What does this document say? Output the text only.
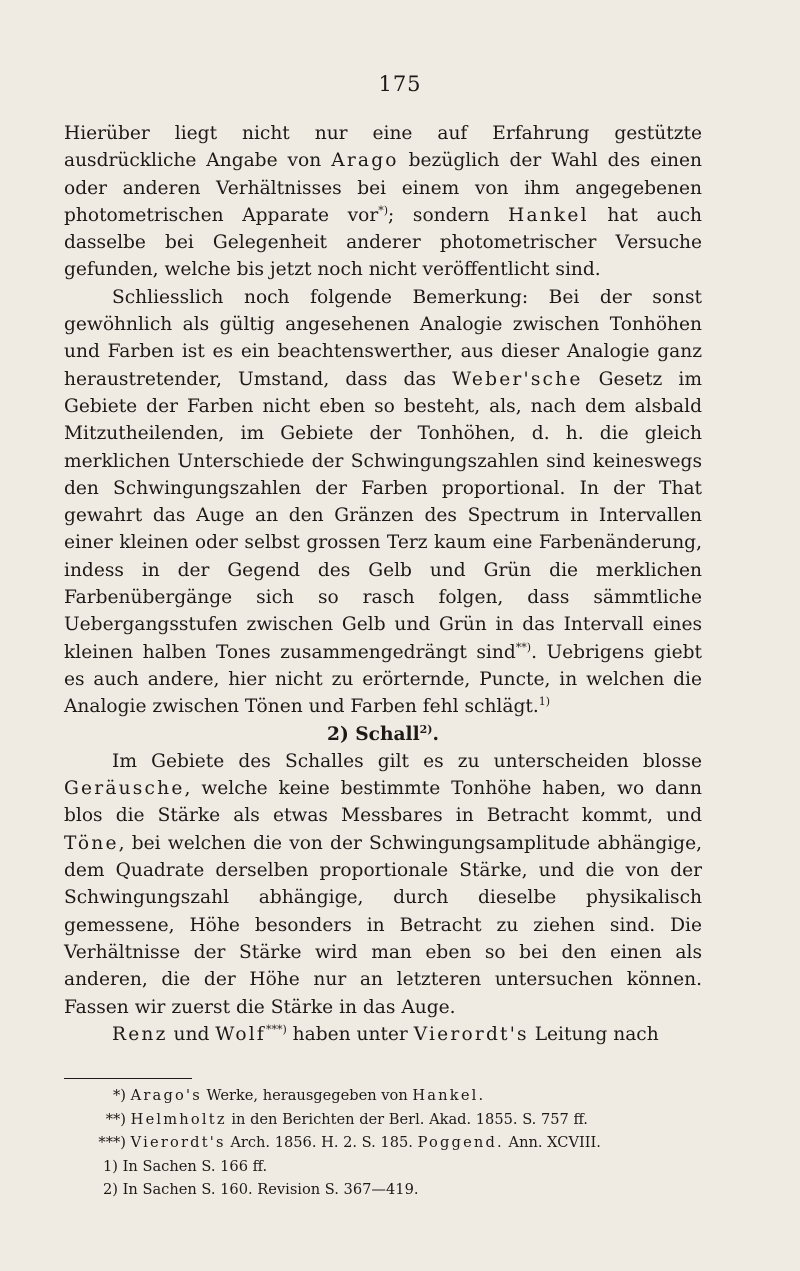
175

Hierüber liegt nicht nur eine auf Erfahrung gestützte ausdrückliche Angabe von Arago bezüglich der Wahl des einen oder anderen Verhältnisses bei einem von ihm angegebenen photometrischen Apparate vor*); sondern Hankel hat auch dasselbe bei Gelegenheit anderer photometrischer Versuche gefunden, welche bis jetzt noch nicht veröffentlicht sind.

Schliesslich noch folgende Bemerkung: Bei der sonst gewöhnlich als gültig angesehenen Analogie zwischen Tonhöhen und Farben ist es ein beachtenswerther, aus dieser Analogie ganz heraustretender, Umstand, dass das Weber'sche Gesetz im Gebiete der Farben nicht eben so besteht, als, nach dem alsbald Mitzutheilenden, im Gebiete der Tonhöhen, d. h. die gleich merklichen Unterschiede der Schwingungszahlen sind keineswegs den Schwingungszahlen der Farben proportional. In der That gewahrt das Auge an den Gränzen des Spectrum in Intervallen einer kleinen oder selbst grossen Terz kaum eine Farbenänderung, indess in der Gegend des Gelb und Grün die merklichen Farbenübergänge sich so rasch folgen, dass sämmtliche Uebergangsstufen zwischen Gelb und Grün in das Intervall eines kleinen halben Tones zusammengedrängt sind**). Uebrigens giebt es auch andere, hier nicht zu erörternde, Puncte, in welchen die Analogie zwischen Tönen und Farben fehl schlägt.$^{1)}$

2) Schall$^{2)}$.

Im Gebiete des Schalles gilt es zu unterscheiden blosse Geräusche, welche keine bestimmte Tonhöhe haben, wo dann blos die Stärke als etwas Messbares in Betracht kommt, und Töne, bei welchen die von der Schwingungsamplitude abhängige, dem Quadrate derselben proportionale Stärke, und die von der Schwingungszahl abhängige, durch dieselbe physikalisch gemessene, Höhe besonders in Betracht zu ziehen sind. Die Verhältnisse der Stärke wird man eben so bei den einen als anderen, die der Höhe nur an letzteren untersuchen können. Fassen wir zuerst die Stärke in das Auge.

Renz und Wolf***) haben unter Vierordt's Leitung nach

*) Arago's Werke, herausgegeben von Hankel.
**) Helmholtz in den Berichten der Berl. Akad. 1855. S. 757 ff.
***) Vierordt's Arch. 1856. H. 2. S. 185. Poggend. Ann. XCVIII.
1) In Sachen S. 166 ff.
2) In Sachen S. 160. Revision S. 367—419.
